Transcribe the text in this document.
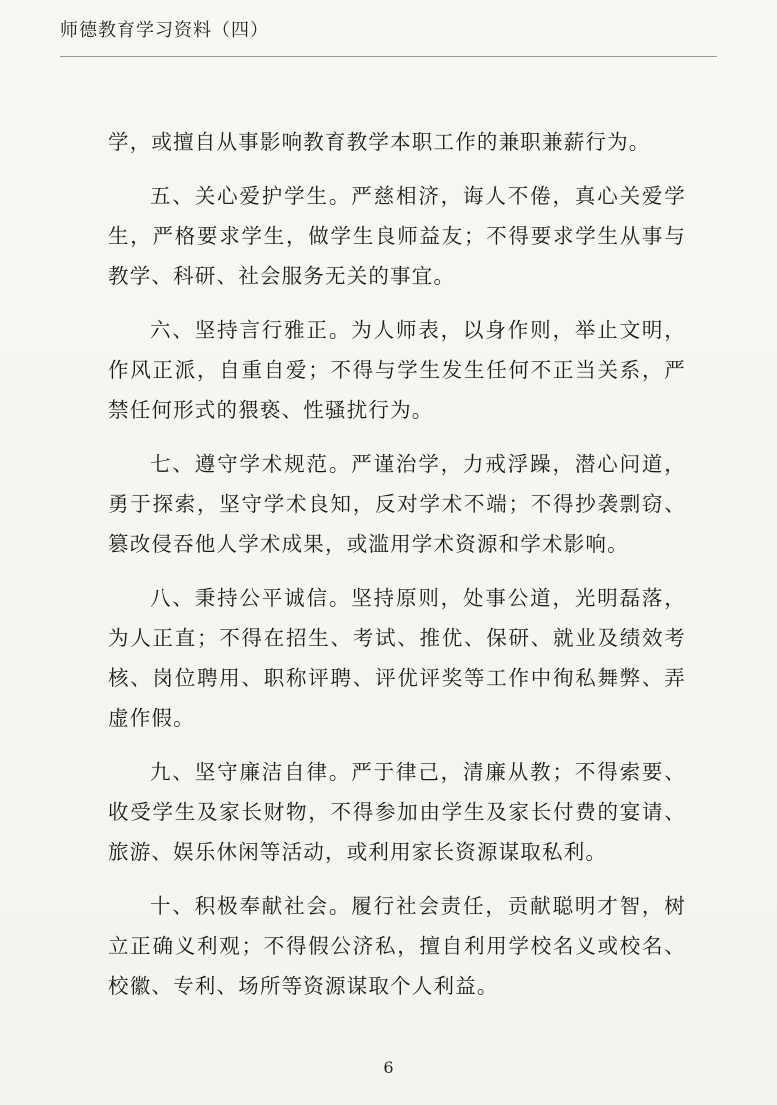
师德教育学习资料（四）

学，或擅自从事影响教育教学本职工作的兼职兼薪行为。

五、关心爱护学生。严慈相济，诲人不倦，真心关爱学生，严格要求学生，做学生良师益友；不得要求学生从事与教学、科研、社会服务无关的事宜。

六、坚持言行雅正。为人师表，以身作则，举止文明，作风正派，自重自爱；不得与学生发生任何不正当关系，严禁任何形式的猥亵、性骚扰行为。

七、遵守学术规范。严谨治学，力戒浮躁，潜心问道，勇于探索，坚守学术良知，反对学术不端；不得抄袭剽窃、篡改侵吞他人学术成果，或滥用学术资源和学术影响。

八、秉持公平诚信。坚持原则，处事公道，光明磊落，为人正直；不得在招生、考试、推优、保研、就业及绩效考核、岗位聘用、职称评聘、评优评奖等工作中徇私舞弊、弄虚作假。

九、坚守廉洁自律。严于律己，清廉从教；不得索要、收受学生及家长财物，不得参加由学生及家长付费的宴请、旅游、娱乐休闲等活动，或利用家长资源谋取私利。

十、积极奉献社会。履行社会责任，贡献聪明才智，树立正确义利观；不得假公济私，擅自利用学校名义或校名、校徽、专利、场所等资源谋取个人利益。

6
